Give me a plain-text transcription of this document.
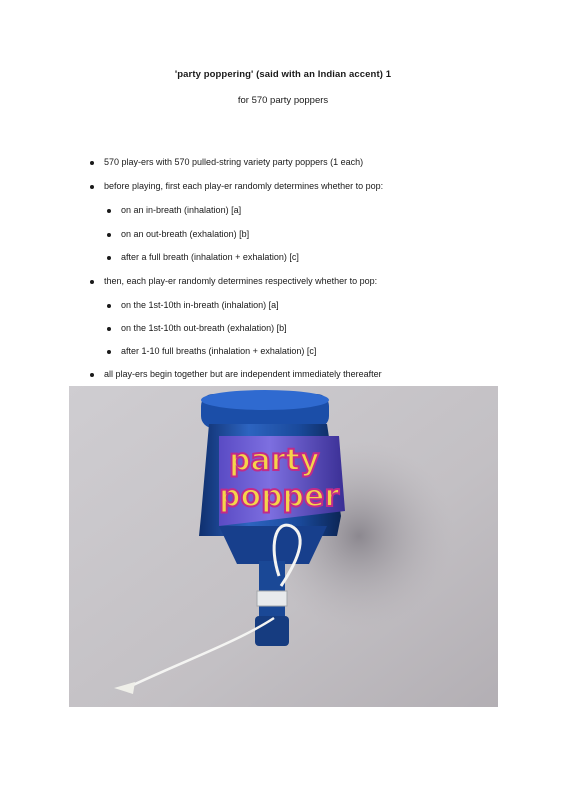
'party poppering' (said with an Indian accent) 1
for 570 party poppers
570 play-ers with 570 pulled-string variety party poppers (1 each)
before playing, first each play-er randomly determines whether to pop:
on an in-breath (inhalation) [a]
on an out-breath (exhalation) [b]
after a full breath (inhalation + exhalation) [c]
then, each play-er randomly determines respectively whether to pop:
on the 1st-10th in-breath (inhalation) [a]
on the 1st-10th out-breath (exhalation) [b]
after 1-10 full breaths (inhalation + exhalation) [c]
all play-ers begin together but are independent immediately thereafter
party
popper
